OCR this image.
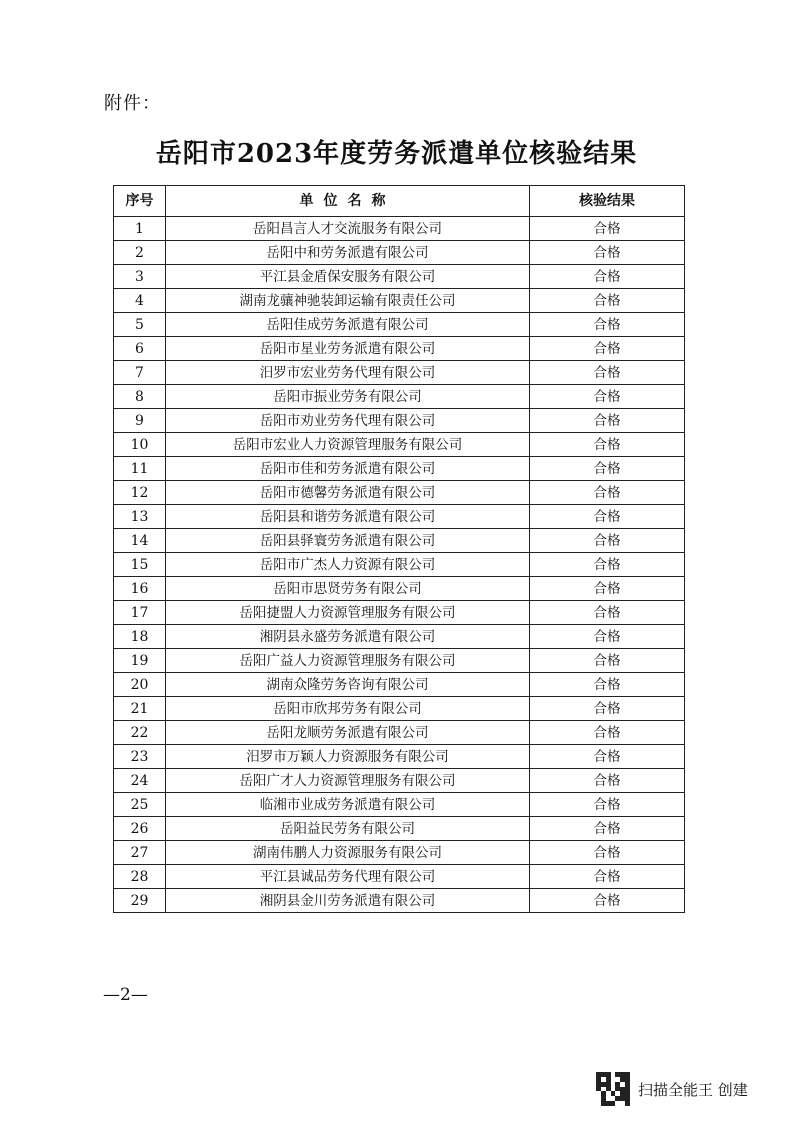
附件：
岳阳市2023年度劳务派遣单位核验结果
序号	单位名称	核验结果
1	岳阳昌言人才交流服务有限公司	合格
2	岳阳中和劳务派遣有限公司	合格
3	平江县金盾保安服务有限公司	合格
4	湖南龙骧神驰装卸运输有限责任公司	合格
5	岳阳佳成劳务派遣有限公司	合格
6	岳阳市星业劳务派遣有限公司	合格
7	汨罗市宏业劳务代理有限公司	合格
8	岳阳市振业劳务有限公司	合格
9	岳阳市劝业劳务代理有限公司	合格
10	岳阳市宏业人力资源管理服务有限公司	合格
11	岳阳市佳和劳务派遣有限公司	合格
12	岳阳市德馨劳务派遣有限公司	合格
13	岳阳县和谐劳务派遣有限公司	合格
14	岳阳县驿寰劳务派遣有限公司	合格
15	岳阳市广杰人力资源有限公司	合格
16	岳阳市思贤劳务有限公司	合格
17	岳阳捷盟人力资源管理服务有限公司	合格
18	湘阴县永盛劳务派遣有限公司	合格
19	岳阳广益人力资源管理服务有限公司	合格
20	湖南众隆劳务咨询有限公司	合格
21	岳阳市欣邦劳务有限公司	合格
22	岳阳龙顺劳务派遣有限公司	合格
23	汨罗市万颖人力资源服务有限公司	合格
24	岳阳广才人力资源管理服务有限公司	合格
25	临湘市业成劳务派遣有限公司	合格
26	岳阳益民劳务有限公司	合格
27	湖南伟鹏人力资源服务有限公司	合格
28	平江县诚品劳务代理有限公司	合格
29	湘阴县金川劳务派遣有限公司	合格
—2—
扫描全能王 创建
